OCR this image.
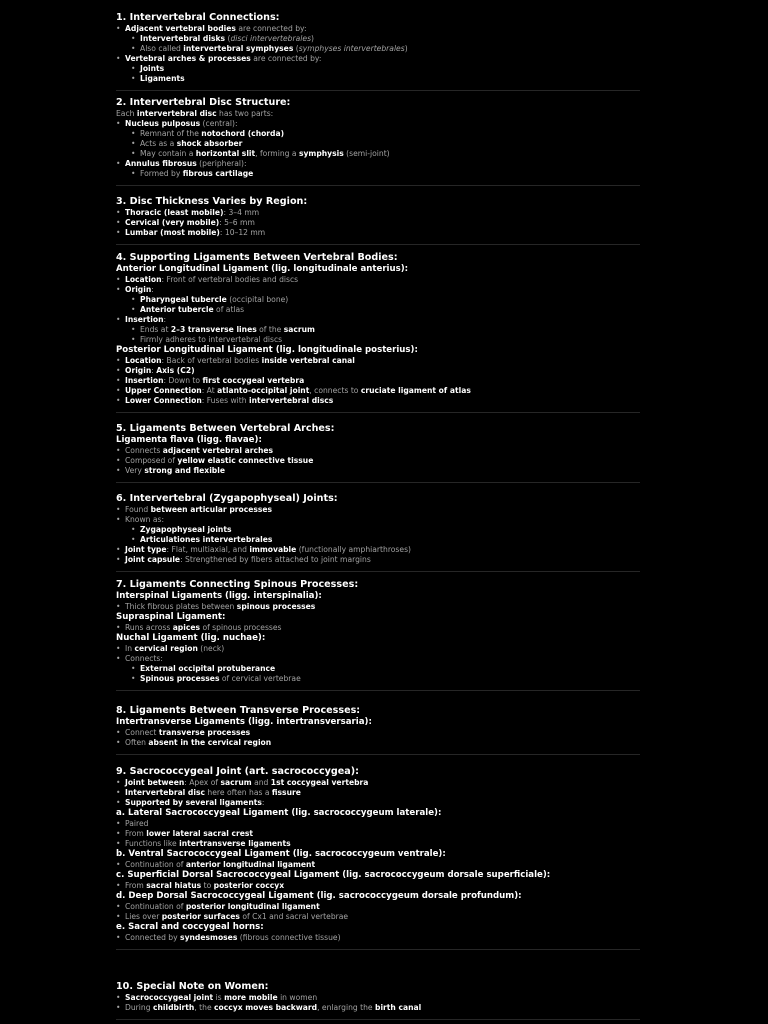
1. Intervertebral Connections:
• Adjacent vertebral bodies are connected by:
• Intervertebral disks (disci intervertebrales)
• Also called intervertebral symphyses (symphyses intervertebrales)
• Vertebral arches & processes are connected by:
• Joints
• Ligaments
2. Intervertebral Disc Structure:

Each intervertebral disc has two parts:

• Nucleus pulposus (central):
• Remnant of the notochord (chorda)
• Acts as a shock absorber
• May contain a horizontal slit, forming a symphysis (semi-joint)
• Annulus fibrosus (peripheral):
• Formed by fibrous cartilage
3. Disc Thickness Varies by Region:
• Thoracic (least mobile): 3–4 mm
• Cervical (very mobile): 5–6 mm
• Lumbar (most mobile): 10–12 mm
4. Supporting Ligaments Between Vertebral Bodies:
Anterior Longitudinal Ligament (lig. longitudinale anterius):
• Location: Front of vertebral bodies and discs
• Origin:
• Pharyngeal tubercle (occipital bone)
• Anterior tubercle of atlas
• Insertion:
• Ends at 2–3 transverse lines of the sacrum
• Firmly adheres to intervertebral discs
Posterior Longitudinal Ligament (lig. longitudinale posterius):
• Location: Back of vertebral bodies inside vertebral canal
• Origin: Axis (C2)
• Insertion: Down to first coccygeal vertebra
• Upper Connection: At atlanto-occipital joint, connects to cruciate ligament of atlas
• Lower Connection: Fuses with intervertebral discs
5. Ligaments Between Vertebral Arches:
Ligamenta flava (ligg. flavae):
• Connects adjacent vertebral arches
• Composed of yellow elastic connective tissue
• Very strong and flexible
6. Intervertebral (Zygapophyseal) Joints:
• Found between articular processes
• Known as:
• Zygapophyseal joints
• Articulationes intervertebrales
• Joint type: Flat, multiaxial, and immovable (functionally amphiarthroses)
• Joint capsule: Strengthened by fibers attached to joint margins
7. Ligaments Connecting Spinous Processes:
Interspinal Ligaments (ligg. interspinalia):
• Thick fibrous plates between spinous processes
Supraspinal Ligament:
• Runs across apices of spinous processes
Nuchal Ligament (lig. nuchae):
• In cervical region (neck)
• Connects:
• External occipital protuberance
• Spinous processes of cervical vertebrae
8. Ligaments Between Transverse Processes:
Intertransverse Ligaments (ligg. intertransversaria):
• Connect transverse processes
• Often absent in the cervical region
9. Sacrococcygeal Joint (art. sacrococcygea):
• Joint between: Apex of sacrum and 1st coccygeal vertebra
• Intervertebral disc here often has a fissure
• Supported by several ligaments:
a. Lateral Sacrococcygeal Ligament (lig. sacrococcygeum laterale):
• Paired
• From lower lateral sacral crest
• Functions like intertransverse ligaments
b. Ventral Sacrococcygeal Ligament (lig. sacrococcygeum ventrale):
• Continuation of anterior longitudinal ligament
c. Superficial Dorsal Sacrococcygeal Ligament (lig. sacrococcygeum dorsale superficiale):
• From sacral hiatus to posterior coccyx
d. Deep Dorsal Sacrococcygeal Ligament (lig. sacrococcygeum dorsale profundum):
• Continuation of posterior longitudinal ligament
• Lies over posterior surfaces of Cx1 and sacral vertebrae
e. Sacral and coccygeal horns:
• Connected by syndesmoses (fibrous connective tissue)
10. Special Note on Women:
• Sacrococcygeal joint is more mobile in women
• During childbirth, the coccyx moves backward, enlarging the birth canal
